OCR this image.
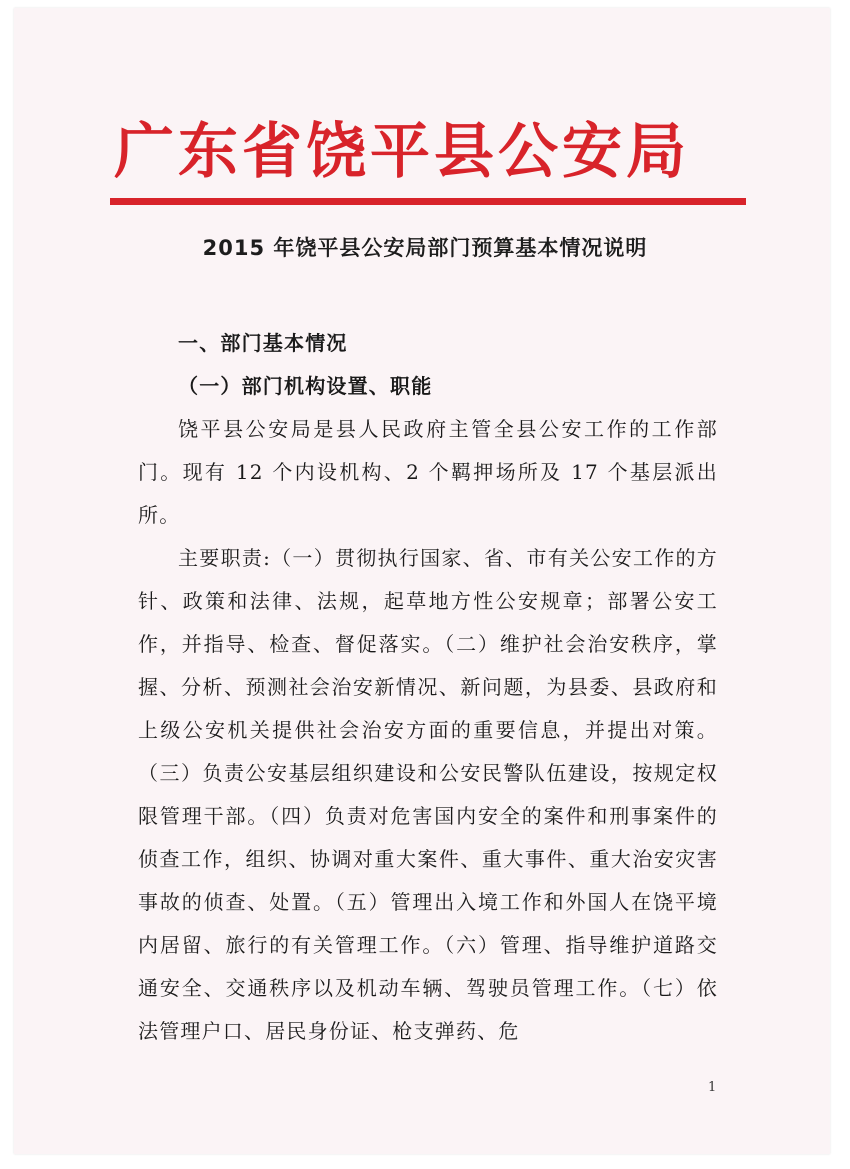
广东省饶平县公安局
2015 年饶平县公安局部门预算基本情况说明

一、部门基本情况

（一）部门机构设置、职能

饶平县公安局是县人民政府主管全县公安工作的工作部门。现有 12 个内设机构、2 个羁押场所及 17 个基层派出所。

主要职责:（一）贯彻执行国家、省、市有关公安工作的方针、政策和法律、法规，起草地方性公安规章；部署公安工作，并指导、检查、督促落实。（二）维护社会治安秩序，掌握、分析、预测社会治安新情况、新问题，为县委、县政府和上级公安机关提供社会治安方面的重要信息，并提出对策。（三）负责公安基层组织建设和公安民警队伍建设，按规定权限管理干部。（四）负责对危害国内安全的案件和刑事案件的侦查工作，组织、协调对重大案件、重大事件、重大治安灾害事故的侦查、处置。（五）管理出入境工作和外国人在饶平境内居留、旅行的有关管理工作。（六）管理、指导维护道路交通安全、交通秩序以及机动车辆、驾驶员管理工作。（七）依法管理户口、居民身份证、枪支弹药、危

1
